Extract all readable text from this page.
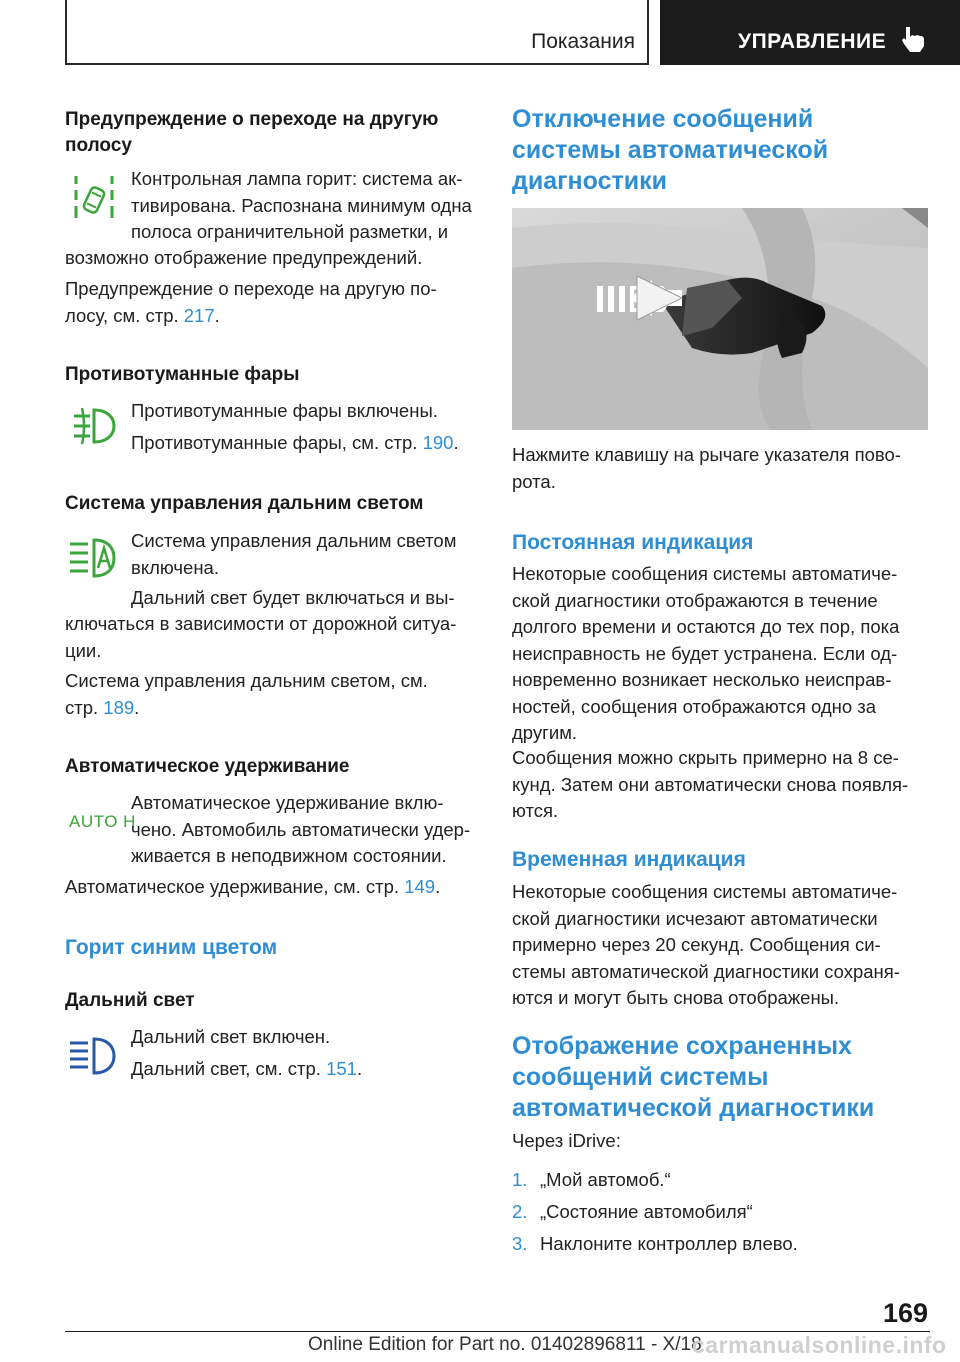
Показания	УПРАВЛЕНИЕ
Предупреждение о переходе на другую
полосу
Контрольная лампа горит: система ак-
тивирована. Распознана минимум одна
полоса ограничительной разметки, и
возможно отображение предупреждений.
Предупреждение о переходе на другую по-
лосу, см. стр. 217.
Противотуманные фары
Противотуманные фары включены.
Противотуманные фары, см. стр. 190.
Система управления дальним светом
Система управления дальним светом
включена.
Дальний свет будет включаться и вы-
ключаться в зависимости от дорожной ситуа-
ции.
Система управления дальним светом, см.
стр. 189.
Автоматическое удерживание
AUTO H
Автоматическое удерживание вклю-
чено. Автомобиль автоматически удер-
живается в неподвижном состоянии.
Автоматическое удерживание, см. стр. 149.
Горит синим цветом
Дальний свет
Дальний свет включен.
Дальний свет, см. стр. 151.
Отключение сообщений
системы автоматической
диагностики
Нажмите клавишу на рычаге указателя пово-
рота.
Постоянная индикация
Некоторые сообщения системы автоматиче-
ской диагностики отображаются в течение
долгого времени и остаются до тех пор, пока
неисправность не будет устранена. Если од-
новременно возникает несколько неисправ-
ностей, сообщения отображаются одно за
другим.
Сообщения можно скрыть примерно на 8 се-
кунд. Затем они автоматически снова появля-
ются.
Временная индикация
Некоторые сообщения системы автоматиче-
ской диагностики исчезают автоматически
примерно через 20 секунд. Сообщения си-
стемы автоматической диагностики сохраня-
ются и могут быть снова отображены.
Отображение сохраненных
сообщений системы
автоматической диагностики
Через iDrive:
1. „Мой автомоб.“
2. „Состояние автомобиля“
3. Наклоните контроллер влево.
169
Online Edition for Part no. 01402896811 - X/18
carmanualsonline.info
